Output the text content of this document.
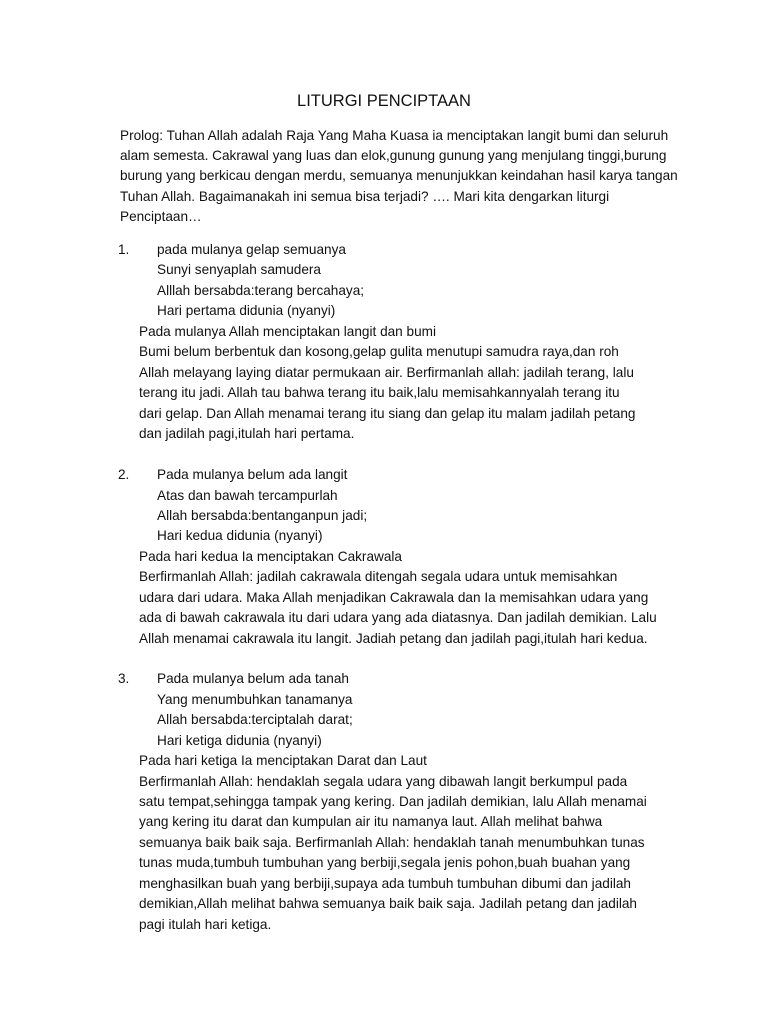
LITURGI PENCIPTAAN
Prolog: Tuhan Allah adalah Raja Yang Maha Kuasa ia menciptakan langit bumi dan seluruh
alam semesta. Cakrawal yang luas dan elok,gunung gunung yang menjulang tinggi,burung
burung yang berkicau dengan merdu, semuanya menunjukkan keindahan hasil karya tangan
Tuhan Allah. Bagaimanakah ini semua bisa terjadi? …. Mari kita dengarkan liturgi
Penciptaan…
1. pada mulanya gelap semuanya
Sunyi senyaplah samudera
Alllah bersabda:terang bercahaya;
Hari pertama didunia (nyanyi)
Pada mulanya Allah menciptakan langit dan bumi
Bumi belum berbentuk dan kosong,gelap gulita menutupi samudra raya,dan roh
Allah melayang laying diatar permukaan air. Berfirmanlah allah: jadilah terang, lalu
terang itu jadi. Allah tau bahwa terang itu baik,lalu memisahkannyalah terang itu
dari gelap. Dan Allah menamai terang itu siang dan gelap itu malam jadilah petang
dan jadilah pagi,itulah hari pertama.
2. Pada mulanya belum ada langit
Atas dan bawah tercampurlah
Allah bersabda:bentanganpun jadi;
Hari kedua didunia (nyanyi)
Pada hari kedua Ia menciptakan Cakrawala
Berfirmanlah Allah: jadilah cakrawala ditengah segala udara untuk memisahkan
udara dari udara. Maka Allah menjadikan Cakrawala dan Ia memisahkan udara yang
ada di bawah cakrawala itu dari udara yang ada diatasnya. Dan jadilah demikian. Lalu
Allah menamai cakrawala itu langit. Jadiah petang dan jadilah pagi,itulah hari kedua.
3. Pada mulanya belum ada tanah
Yang menumbuhkan tanamanya
Allah bersabda:terciptalah darat;
Hari ketiga didunia (nyanyi)
Pada hari ketiga Ia menciptakan Darat dan Laut
Berfirmanlah Allah: hendaklah segala udara yang dibawah langit berkumpul pada
satu tempat,sehingga tampak yang kering. Dan jadilah demikian, lalu Allah menamai
yang kering itu darat dan kumpulan air itu namanya laut. Allah melihat bahwa
semuanya baik baik saja. Berfirmanlah Allah: hendaklah tanah menumbuhkan tunas
tunas muda,tumbuh tumbuhan yang berbiji,segala jenis pohon,buah buahan yang
menghasilkan buah yang berbiji,supaya ada tumbuh tumbuhan dibumi dan jadilah
demikian,Allah melihat bahwa semuanya baik baik saja. Jadilah petang dan jadilah
pagi itulah hari ketiga.
